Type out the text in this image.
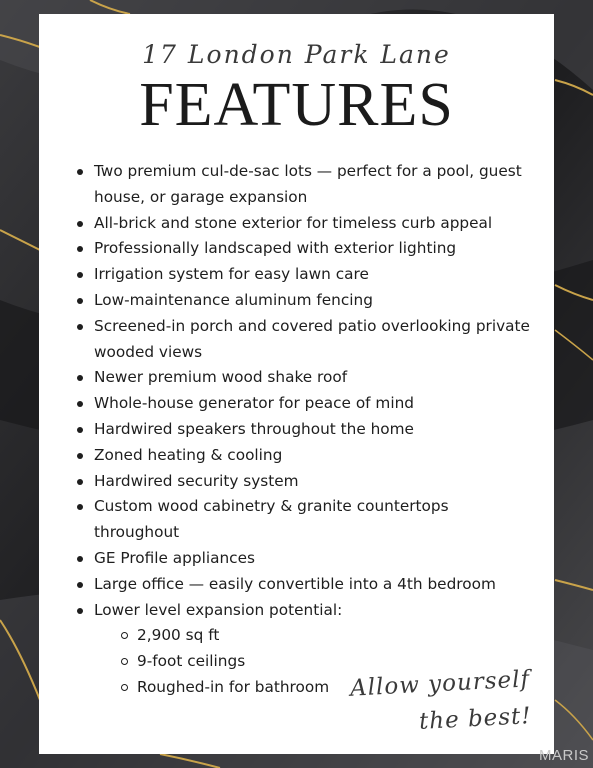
17 London Park Lane
FEATURES
Two premium cul-de-sac lots — perfect for a pool, guest house, or garage expansion
All-brick and stone exterior for timeless curb appeal
Professionally landscaped with exterior lighting
Irrigation system for easy lawn care
Low-maintenance aluminum fencing
Screened-in porch and covered patio overlooking private wooded views
Newer premium wood shake roof
Whole-house generator for peace of mind
Hardwired speakers throughout the home
Zoned heating & cooling
Hardwired security system
Custom wood cabinetry & granite countertops throughout
GE Profile appliances
Large office — easily convertible into a 4th bedroom
Lower level expansion potential:
2,900 sq ft
9-foot ceilings
Roughed-in for bathroom Allow yourself
the best!
MARIS
